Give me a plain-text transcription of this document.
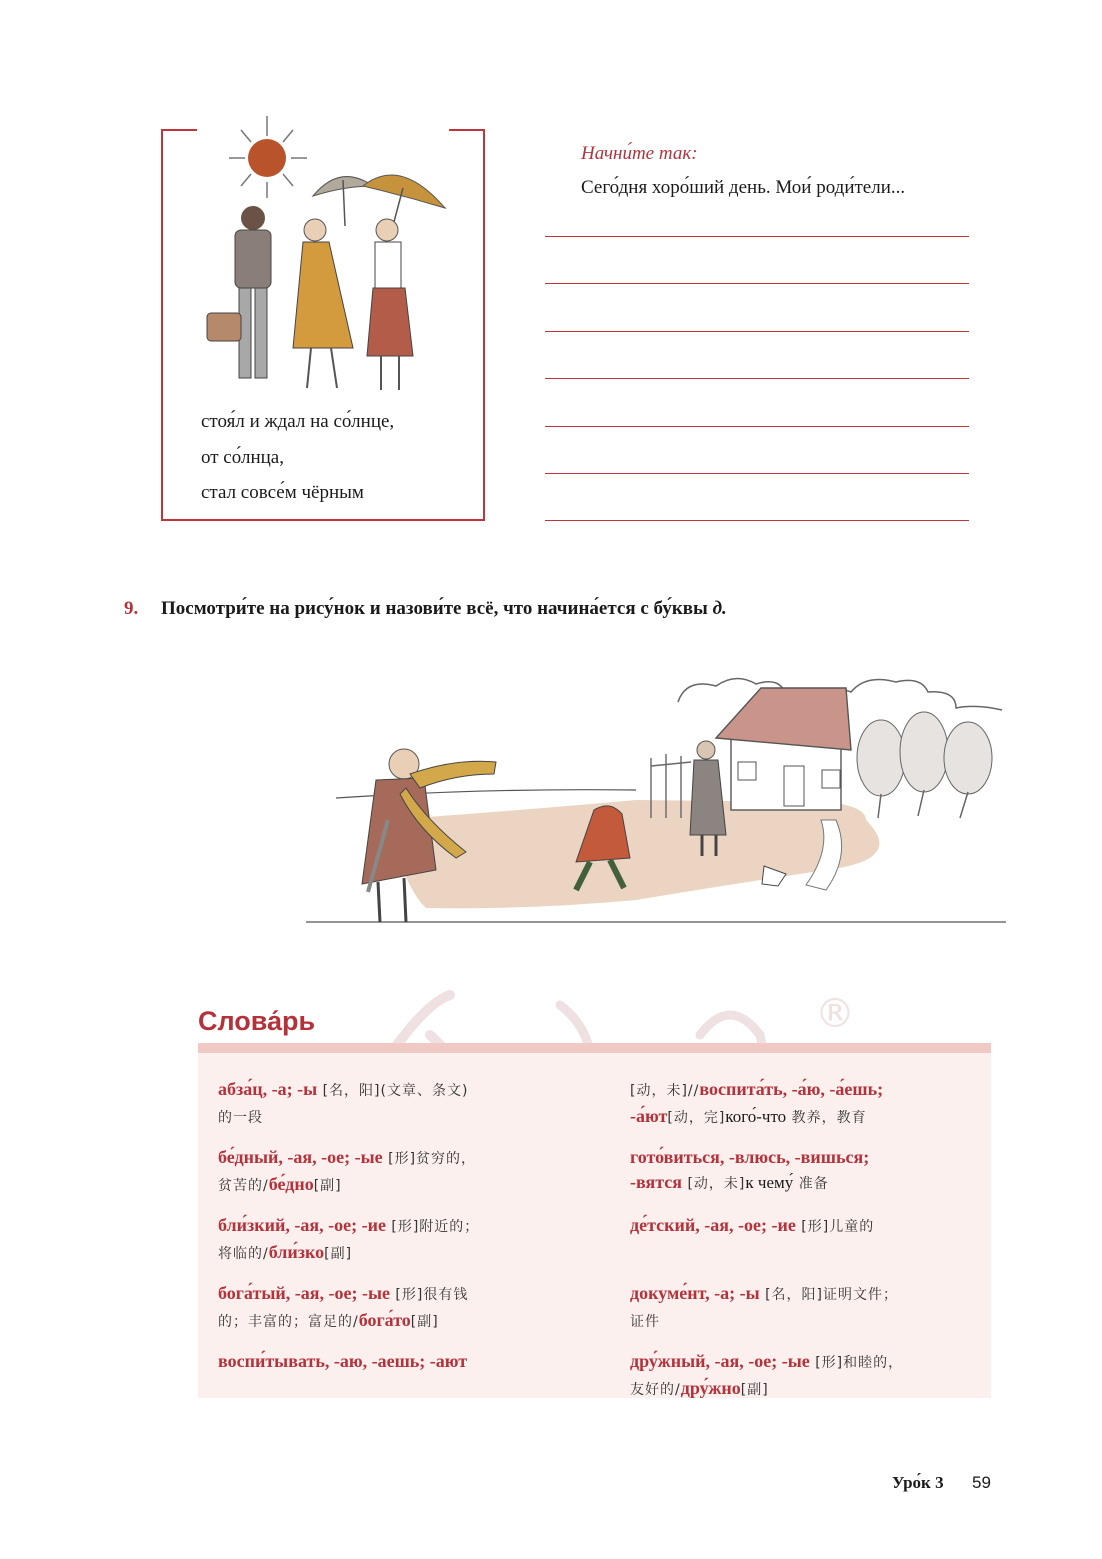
стоя́л и ждал на со́лнце,
от со́лнца,
стал совсе́м чёрным
Начни́те так:
Сего́дня хоро́ший день. Мои́ роди́тели...
9. Посмотри́те на рису́нок и назови́те всё, что начина́ется с бу́квы д.
®
Слова́рь
абза́ц, -а; -ы [名，阳](文章、条文)
的一段
бе́дный, -ая, -ое; -ые [形]贫穷的，
贫苦的/бе́дно[副]
бли́зкий, -ая, -ое; -ие [形]附近的；
将临的/бли́зко[副]
бога́тый, -ая, -ое; -ые [形]很有钱
的；丰富的；富足的/бога́то[副]
воспи́тывать, -аю, -аешь; -ают
[动，未]//воспита́ть, -а́ю, -а́ешь;
-а́ют[动，完]кого́-что 教养，教育
гото́виться, -влюсь, -вишься;
-вятся [动，未]к чему́ 准备
де́тский, -ая, -ое; -ие [形]儿童的
докуме́нт, -а; -ы [名，阳]证明文件；
证件
дру́жный, -ая, -ое; -ые [形]和睦的，
友好的/дру́жно[副]
Уро́к 3 59
